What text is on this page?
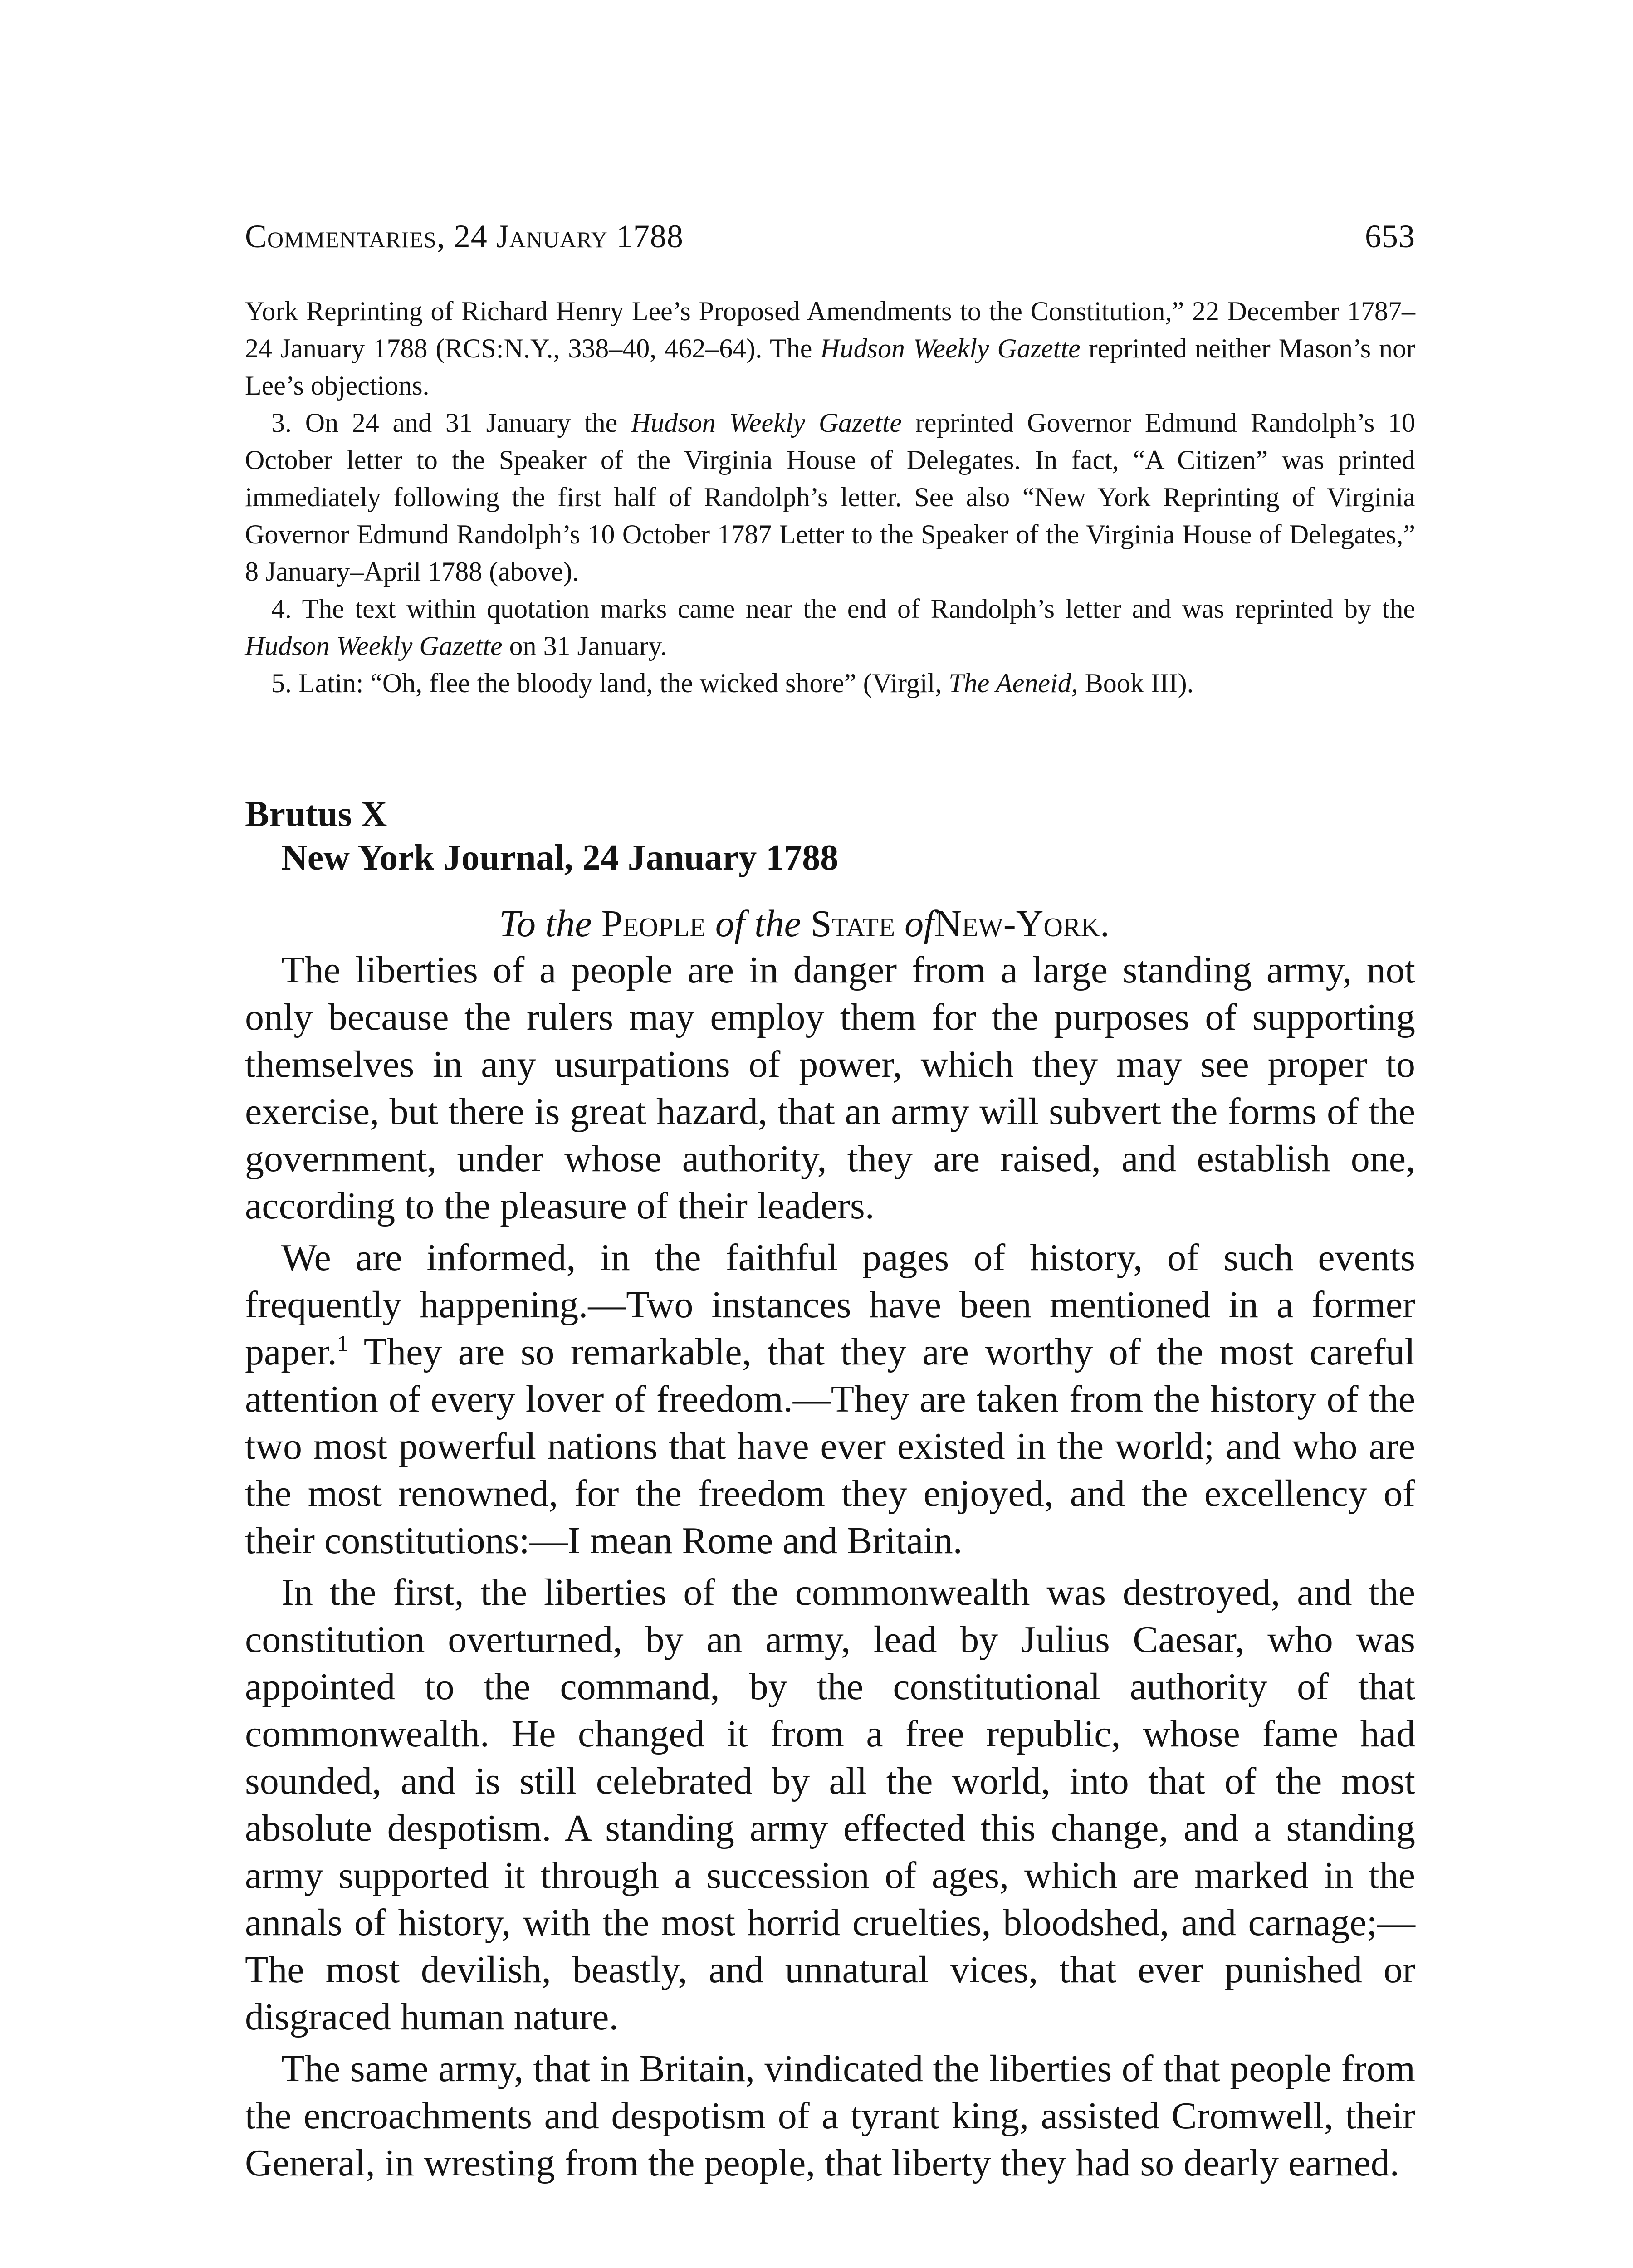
Commentaries, 24 January 1788	653

York Reprinting of Richard Henry Lee’s Proposed Amendments to the Constitution,” 22 December 1787–24 January 1788 (RCS:N.Y., 338–40, 462–64). The Hudson Weekly Gazette reprinted neither Mason’s nor Lee’s objections.

3. On 24 and 31 January the Hudson Weekly Gazette reprinted Governor Edmund Randolph’s 10 October letter to the Speaker of the Virginia House of Delegates. In fact, “A Citizen” was printed immediately following the first half of Randolph’s letter. See also “New York Reprinting of Virginia Governor Edmund Randolph’s 10 October 1787 Letter to the Speaker of the Virginia House of Delegates,” 8 January–April 1788 (above).

4. The text within quotation marks came near the end of Randolph’s letter and was reprinted by the Hudson Weekly Gazette on 31 January.

5. Latin: “Oh, flee the bloody land, the wicked shore” (Virgil, The Aeneid, Book III).

Brutus X

New York Journal, 24 January 1788

To the People of the State ofNew-York.

The liberties of a people are in danger from a large standing army, not only because the rulers may employ them for the purposes of supporting themselves in any usurpations of power, which they may see proper to exercise, but there is great hazard, that an army will subvert the forms of the government, under whose authority, they are raised, and establish one, according to the pleasure of their leaders.

We are informed, in the faithful pages of history, of such events frequently happening.—Two instances have been mentioned in a former paper.$^1$ They are so remarkable, that they are worthy of the most careful attention of every lover of freedom.—They are taken from the history of the two most powerful nations that have ever existed in the world; and who are the most renowned, for the freedom they enjoyed, and the excellency of their constitutions:—I mean Rome and Britain.

In the first, the liberties of the commonwealth was destroyed, and the constitution overturned, by an army, lead by Julius Caesar, who was appointed to the command, by the constitutional authority of that commonwealth. He changed it from a free republic, whose fame had sounded, and is still celebrated by all the world, into that of the most absolute despotism. A standing army effected this change, and a standing army supported it through a succession of ages, which are marked in the annals of history, with the most horrid cruelties, bloodshed, and carnage;—The most devilish, beastly, and unnatural vices, that ever punished or disgraced human nature.

The same army, that in Britain, vindicated the liberties of that people from the encroachments and despotism of a tyrant king, assisted Cromwell, their General, in wresting from the people, that liberty they had so dearly earned.
